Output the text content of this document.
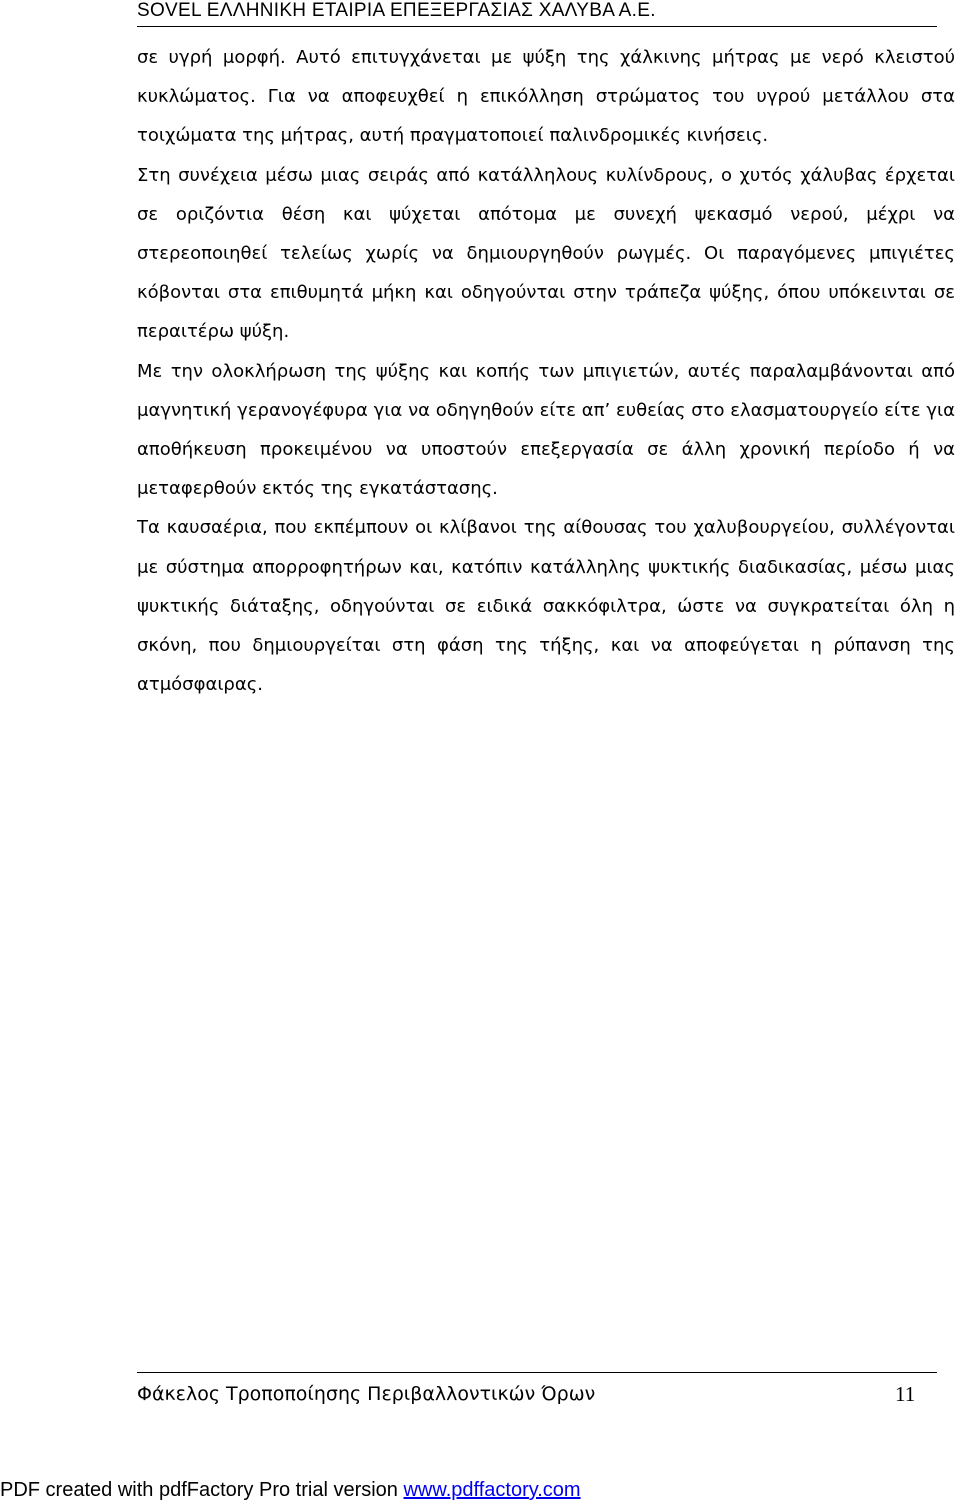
SOVEL ΕΛΛΗΝΙΚΗ ΕΤΑΙΡΙΑ ΕΠΕΞΕΡΓΑΣΙΑΣ ΧΑΛΥΒΑ Α.Ε.

σε υγρή μορφή. Αυτό επιτυγχάνεται με ψύξη της χάλκινης μήτρας με νερό κλειστού κυκλώματος. Για να αποφευχθεί η επικόλληση στρώματος του υγρού μετάλλου στα τοιχώματα της μήτρας, αυτή πραγματοποιεί παλινδρομικές κινήσεις.

Στη συνέχεια μέσω μιας σειράς από κατάλληλους κυλίνδρους, ο χυτός χάλυβας έρχεται σε οριζόντια θέση και ψύχεται απότομα με συνεχή ψεκασμό νερού, μέχρι να στερεοποιηθεί τελείως χωρίς να δημιουργηθούν ρωγμές. Οι παραγόμενες μπιγιέτες κόβονται στα επιθυμητά μήκη και οδηγούνται στην τράπεζα ψύξης, όπου υπόκεινται σε περαιτέρω ψύξη.

Με την ολοκλήρωση της ψύξης και κοπής των μπιγιετών, αυτές παραλαμβάνονται από μαγνητική γερανογέφυρα για να οδηγηθούν είτε απ’ ευθείας στο ελασματουργείο είτε για αποθήκευση προκειμένου να υποστούν επεξεργασία σε άλλη χρονική περίοδο ή να μεταφερθούν εκτός της εγκατάστασης.

Τα καυσαέρια, που εκπέμπουν οι κλίβανοι της αίθουσας του χαλυβουργείου, συλλέγονται με σύστημα απορροφητήρων και, κατόπιν κατάλληλης ψυκτικής διαδικασίας, μέσω μιας ψυκτικής διάταξης, οδηγούνται σε ειδικά σακκόφιλτρα, ώστε να συγκρατείται όλη η σκόνη, που δημιουργείται στη φάση της τήξης, και να αποφεύγεται η ρύπανση της ατμόσφαιρας.

Φάκελος Τροποποίησης Περιβαλλοντικών Όρων	11
PDF created with pdfFactory Pro trial version www.pdffactory.com
